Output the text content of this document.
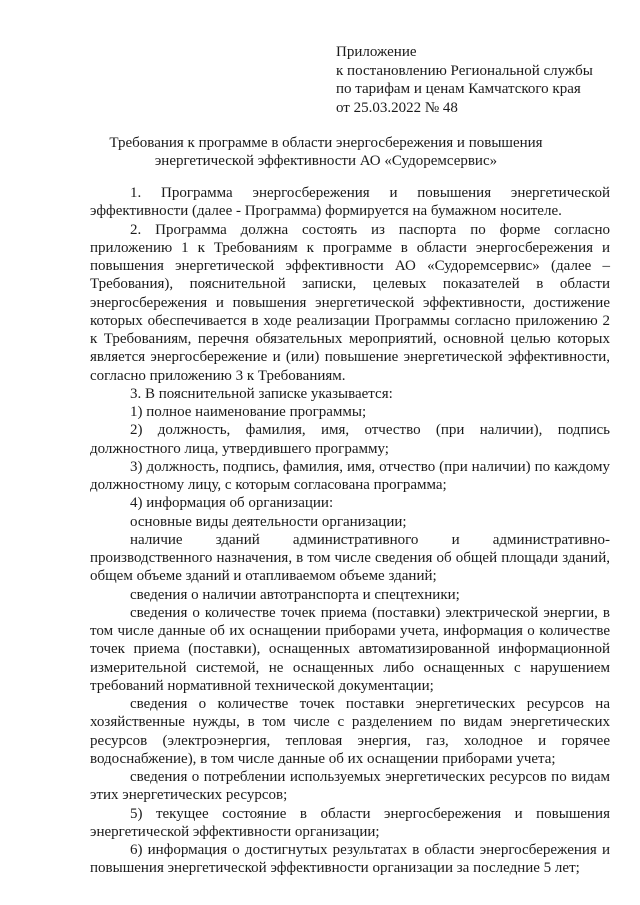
Приложение
к постановлению Региональной службы
по тарифам и ценам Камчатского края
от 25.03.2022 № 48
Требования к программе в области энергосбережения и повышения
энергетической эффективности АО «Судоремсервис»

1. Программа энергосбережения и повышения энергетической эффективности (далее - Программа) формируется на бумажном носителе.

2. Программа должна состоять из паспорта по форме согласно приложению 1 к Требованиям к программе в области энергосбережения и повышения энергетической эффективности АО «Судоремсервис» (далее – Требования), пояснительной записки, целевых показателей в области энергосбережения и повышения энергетической эффективности, достижение которых обеспечивается в ходе реализации Программы согласно приложению 2 к Требованиям, перечня обязательных мероприятий, основной целью которых является энергосбережение и (или) повышение энергетической эффективности, согласно приложению 3 к Требованиям.

3. В пояснительной записке указывается:

1) полное наименование программы;

2) должность, фамилия, имя, отчество (при наличии), подпись должностного лица, утвердившего программу;

3) должность, подпись, фамилия, имя, отчество (при наличии) по каждому должностному лицу, с которым согласована программа;

4) информация об организации:

основные виды деятельности организации;

наличие зданий административного и административно-производственного назначения, в том числе сведения об общей площади зданий, общем объеме зданий и отапливаемом объеме зданий;

сведения о наличии автотранспорта и спецтехники;

сведения о количестве точек приема (поставки) электрической энергии, в том числе данные об их оснащении приборами учета, информация о количестве точек приема (поставки), оснащенных автоматизированной информационной измерительной системой, не оснащенных либо оснащенных с нарушением требований нормативной технической документации;

сведения о количестве точек поставки энергетических ресурсов на хозяйственные нужды, в том числе с разделением по видам энергетических ресурсов (электроэнергия, тепловая энергия, газ, холодное и горячее водоснабжение), в том числе данные об их оснащении приборами учета;

сведения о потреблении используемых энергетических ресурсов по видам этих энергетических ресурсов;

5) текущее состояние в области энергосбережения и повышения энергетической эффективности организации;

6) информация о достигнутых результатах в области энергосбережения и повышения энергетической эффективности организации за последние 5 лет;
